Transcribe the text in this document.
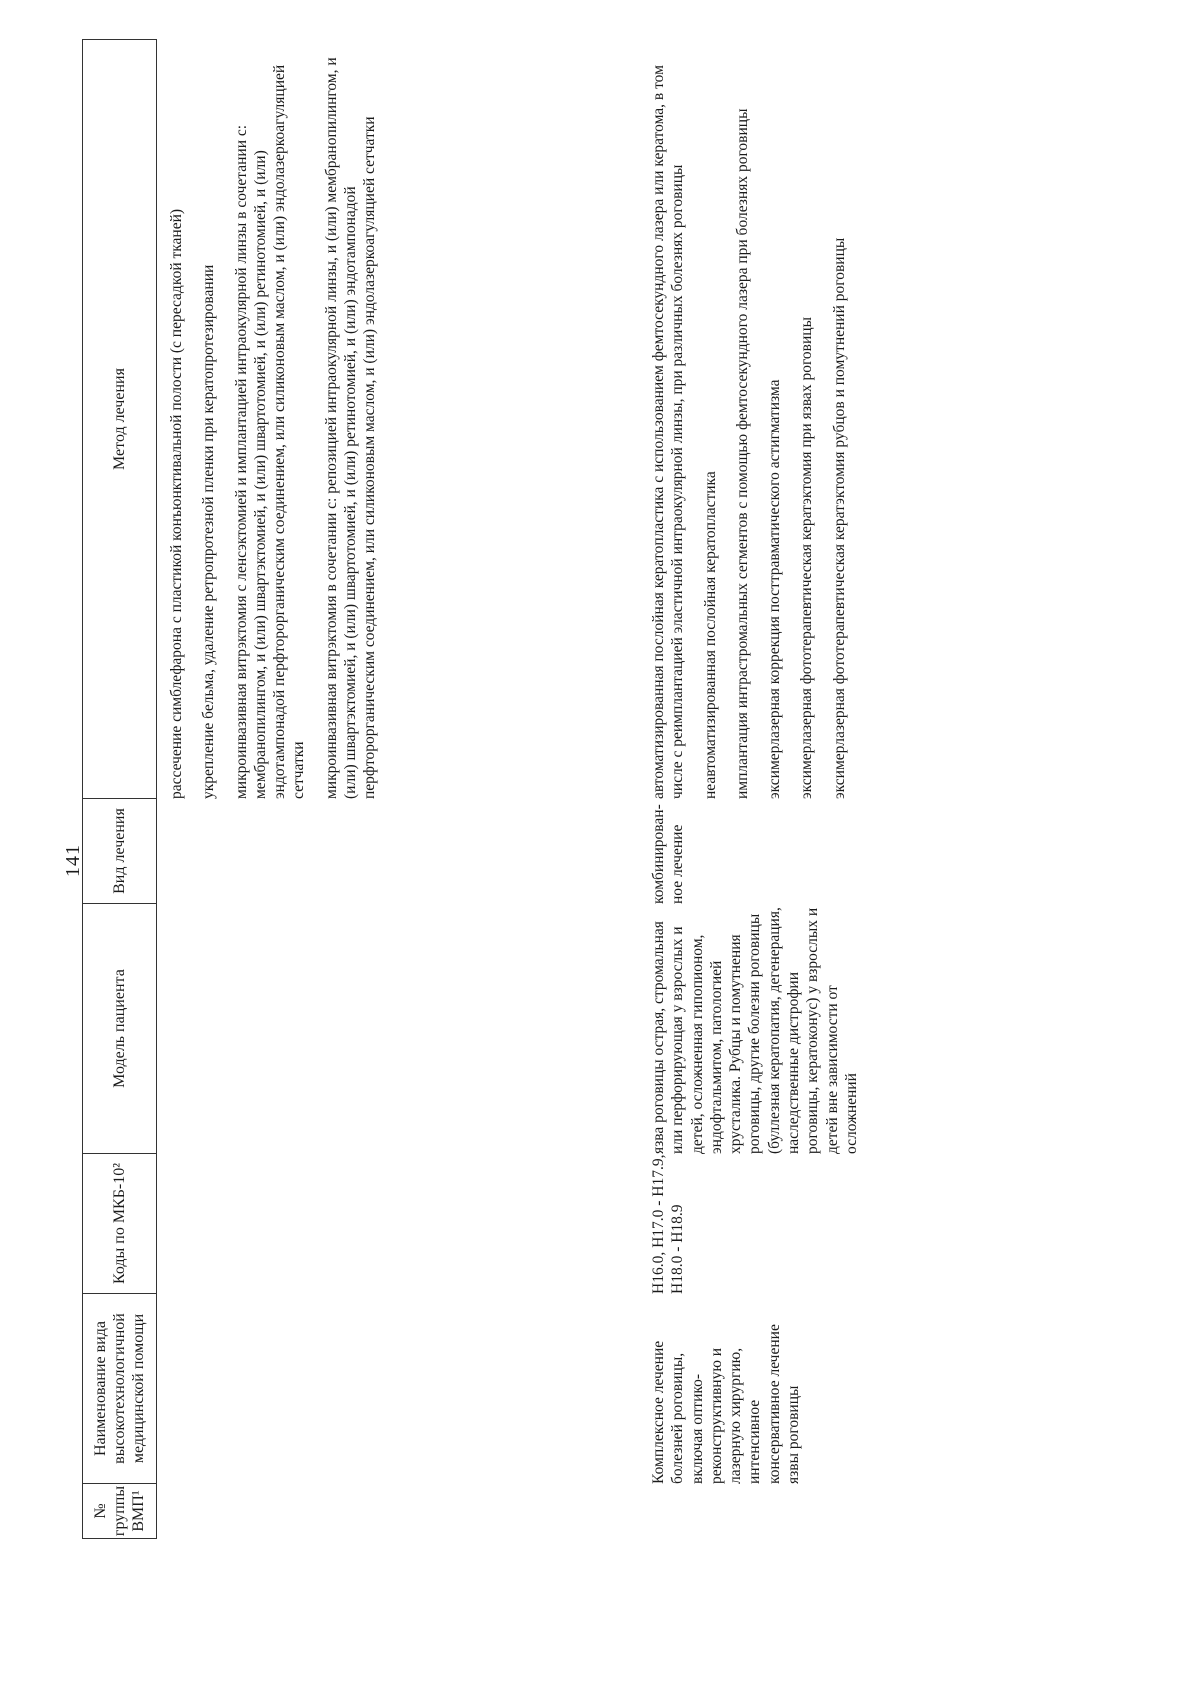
141
№ группы ВМП¹
Наименование вида высокотехнологичной медицинской помощи
Коды по МКБ-10²
Модель пациента
Вид лечения
Метод лечения	рассечение симблефарона с пластикой конъюнктивальной полости (с пересадкой тканей) укрепление бельма, удаление ретропротезной пленки при кератопротезировании микроинвазивная витрэктомия с ленсэктомией и имплантацией интраокулярной линзы в сочетании с: мембранопилингом, и (или) швартэктомией, и (или) швартотомией, и (или) ретинотомией, и (или) эндотампонадой перфторорганическим соединением, или силиконовым маслом, и (или) эндолазеркоагуляцией сетчатки микроинвазивная витрэктомия в сочетании с: репозицией интраокулярной линзы, и (или) мембранопилингом, и (или) швартэктомией, и (или) швартотомией, и (или) ретинотомией, и (или) эндотампонадой перфторорганическим соединением, или силиконовым маслом, и (или) эндолазеркоагуляцией сетчатки
Комплексное лечение болезней роговицы, включая оптико-реконструктивную и лазерную хирургию, интенсивное консервативное лечение язвы роговицы
H16.0, H17.0 - H17.9, H18.0 - H18.9
язва роговицы острая, стромальная или перфорирующая у взрослых и детей, осложненная гипопионом, эндофтальмитом, патологией хрусталика. Рубцы и помутнения роговицы, другие болезни роговицы (буллезная кератопатия, дегенерация, наследственные дистрофии роговицы, кератоконус) у взрослых и детей вне зависимости от осложнений
комбинирован-ное лечение
автоматизированная послойная кератопластика с использованием фемтосекундного лазера или кератома, в том числе с реимплантацией эластичной интраокулярной линзы, при различных болезнях роговицы неавтоматизированная послойная кератопластика имплантация интрастромальных сегментов с помощью фемтосекундного лазера при болезнях роговицы эксимерлазерная коррекция посттравматического астигматизма эксимерлазерная фототерапевтическая кератэктомия при язвах роговицы эксимерлазерная фототерапевтическая кератэктомия рубцов и помутнений роговицы
